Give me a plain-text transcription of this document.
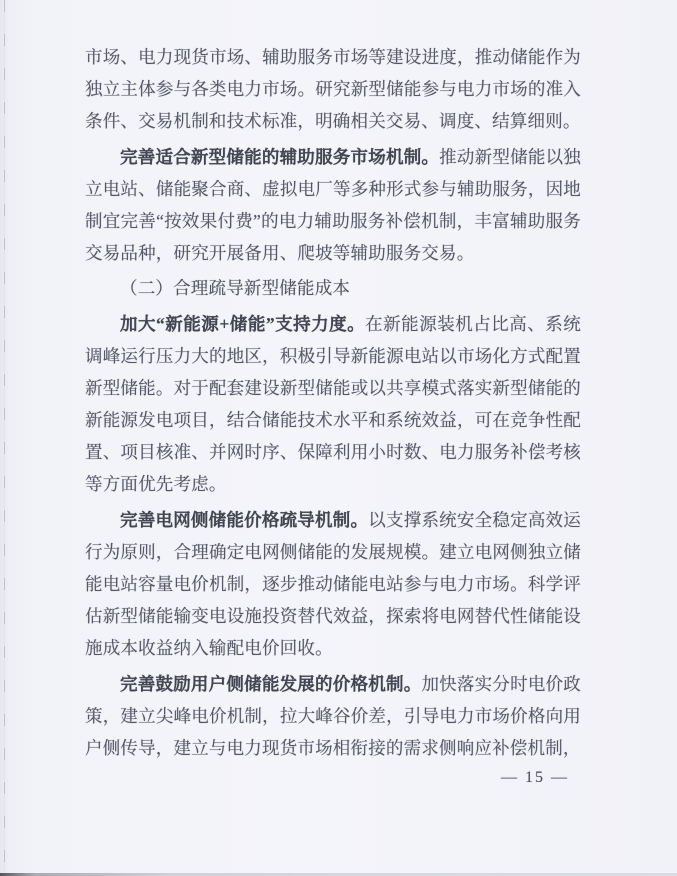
市场、电力现货市场、辅助服务市场等建设进度，推动储能作为独立主体参与各类电力市场。研究新型储能参与电力市场的准入条件、交易机制和技术标准，明确相关交易、调度、结算细则。

完善适合新型储能的辅助服务市场机制。推动新型储能以独立电站、储能聚合商、虚拟电厂等多种形式参与辅助服务，因地制宜完善“按效果付费”的电力辅助服务补偿机制，丰富辅助服务交易品种，研究开展备用、爬坡等辅助服务交易。

（二）合理疏导新型储能成本

加大“新能源+储能”支持力度。在新能源装机占比高、系统调峰运行压力大的地区，积极引导新能源电站以市场化方式配置新型储能。对于配套建设新型储能或以共享模式落实新型储能的新能源发电项目，结合储能技术水平和系统效益，可在竞争性配置、项目核准、并网时序、保障利用小时数、电力服务补偿考核等方面优先考虑。

完善电网侧储能价格疏导机制。以支撑系统安全稳定高效运行为原则，合理确定电网侧储能的发展规模。建立电网侧独立储能电站容量电价机制，逐步推动储能电站参与电力市场。科学评估新型储能输变电设施投资替代效益，探索将电网替代性储能设施成本收益纳入输配电价回收。

完善鼓励用户侧储能发展的价格机制。加快落实分时电价政策，建立尖峰电价机制，拉大峰谷价差，引导电力市场价格向用户侧传导，建立与电力现货市场相衔接的需求侧响应补偿机制，

— 15 —
